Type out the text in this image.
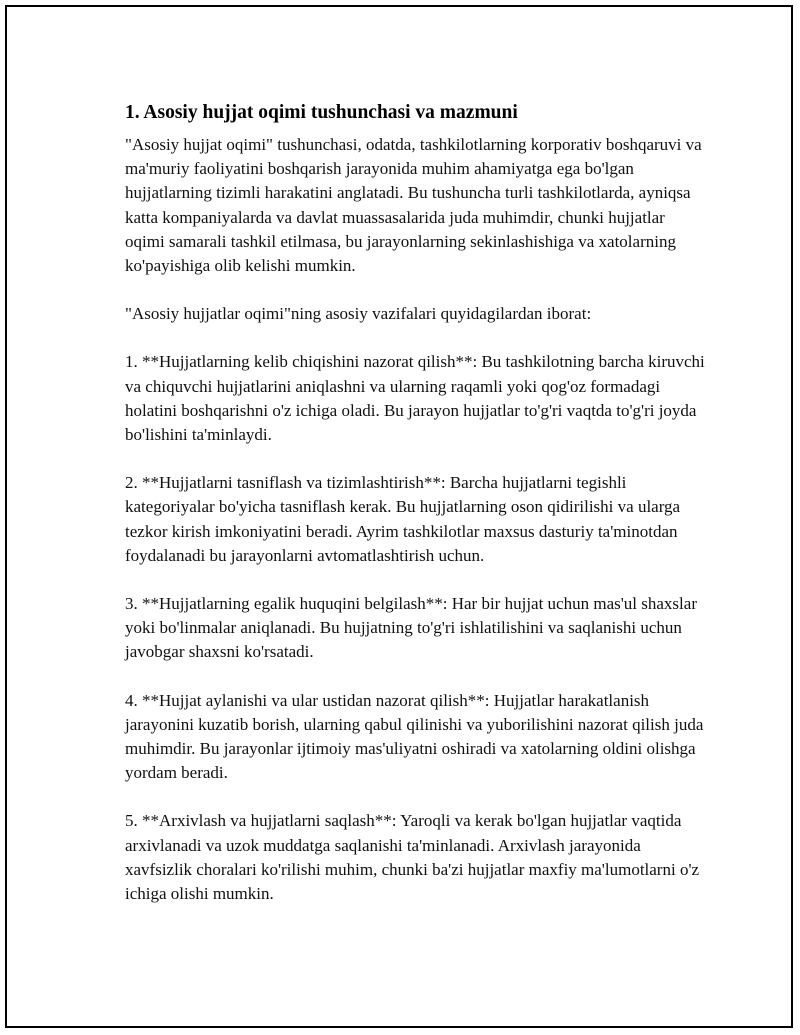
1. Asosiy hujjat oqimi tushunchasi va mazmuni

"Asosiy hujjat oqimi" tushunchasi, odatda, tashkilotlarning korporativ boshqaruvi va ma'muriy faoliyatini boshqarish jarayonida muhim ahamiyatga ega bo'lgan hujjatlarning tizimli harakatini anglatadi. Bu tushuncha turli tashkilotlarda, ayniqsa katta kompaniyalarda va davlat muassasalarida juda muhimdir, chunki hujjatlar oqimi samarali tashkil etilmasa, bu jarayonlarning sekinlashishiga va xatolarning ko'payishiga olib kelishi mumkin.

"Asosiy hujjatlar oqimi"ning asosiy vazifalari quyidagilardan iborat:

1. **Hujjatlarning kelib chiqishini nazorat qilish**: Bu tashkilotning barcha kiruvchi va chiquvchi hujjatlarini aniqlashni va ularning raqamli yoki qog'oz formadagi holatini boshqarishni o'z ichiga oladi. Bu jarayon hujjatlar to'g'ri vaqtda to'g'ri joyda bo'lishini ta'minlaydi.

2. **Hujjatlarni tasniflash va tizimlashtirish**: Barcha hujjatlarni tegishli kategoriyalar bo'yicha tasniflash kerak. Bu hujjatlarning oson qidirilishi va ularga tezkor kirish imkoniyatini beradi. Ayrim tashkilotlar maxsus dasturiy ta'minotdan foydalanadi bu jarayonlarni avtomatlashtirish uchun.

3. **Hujjatlarning egalik huquqini belgilash**: Har bir hujjat uchun mas'ul shaxslar yoki bo'linmalar aniqlanadi. Bu hujjatning to'g'ri ishlatilishini va saqlanishi uchun javobgar shaxsni ko'rsatadi.

4. **Hujjat aylanishi va ular ustidan nazorat qilish**: Hujjatlar harakatlanish jarayonini kuzatib borish, ularning qabul qilinishi va yuborilishini nazorat qilish juda muhimdir. Bu jarayonlar ijtimoiy mas'uliyatni oshiradi va xatolarning oldini olishga yordam beradi.

5. **Arxivlash va hujjatlarni saqlash**: Yaroqli va kerak bo'lgan hujjatlar vaqtida arxivlanadi va uzok muddatga saqlanishi ta'minlanadi. Arxivlash jarayonida xavfsizlik choralari ko'rilishi muhim, chunki ba'zi hujjatlar maxfiy ma'lumotlarni o'z ichiga olishi mumkin.
